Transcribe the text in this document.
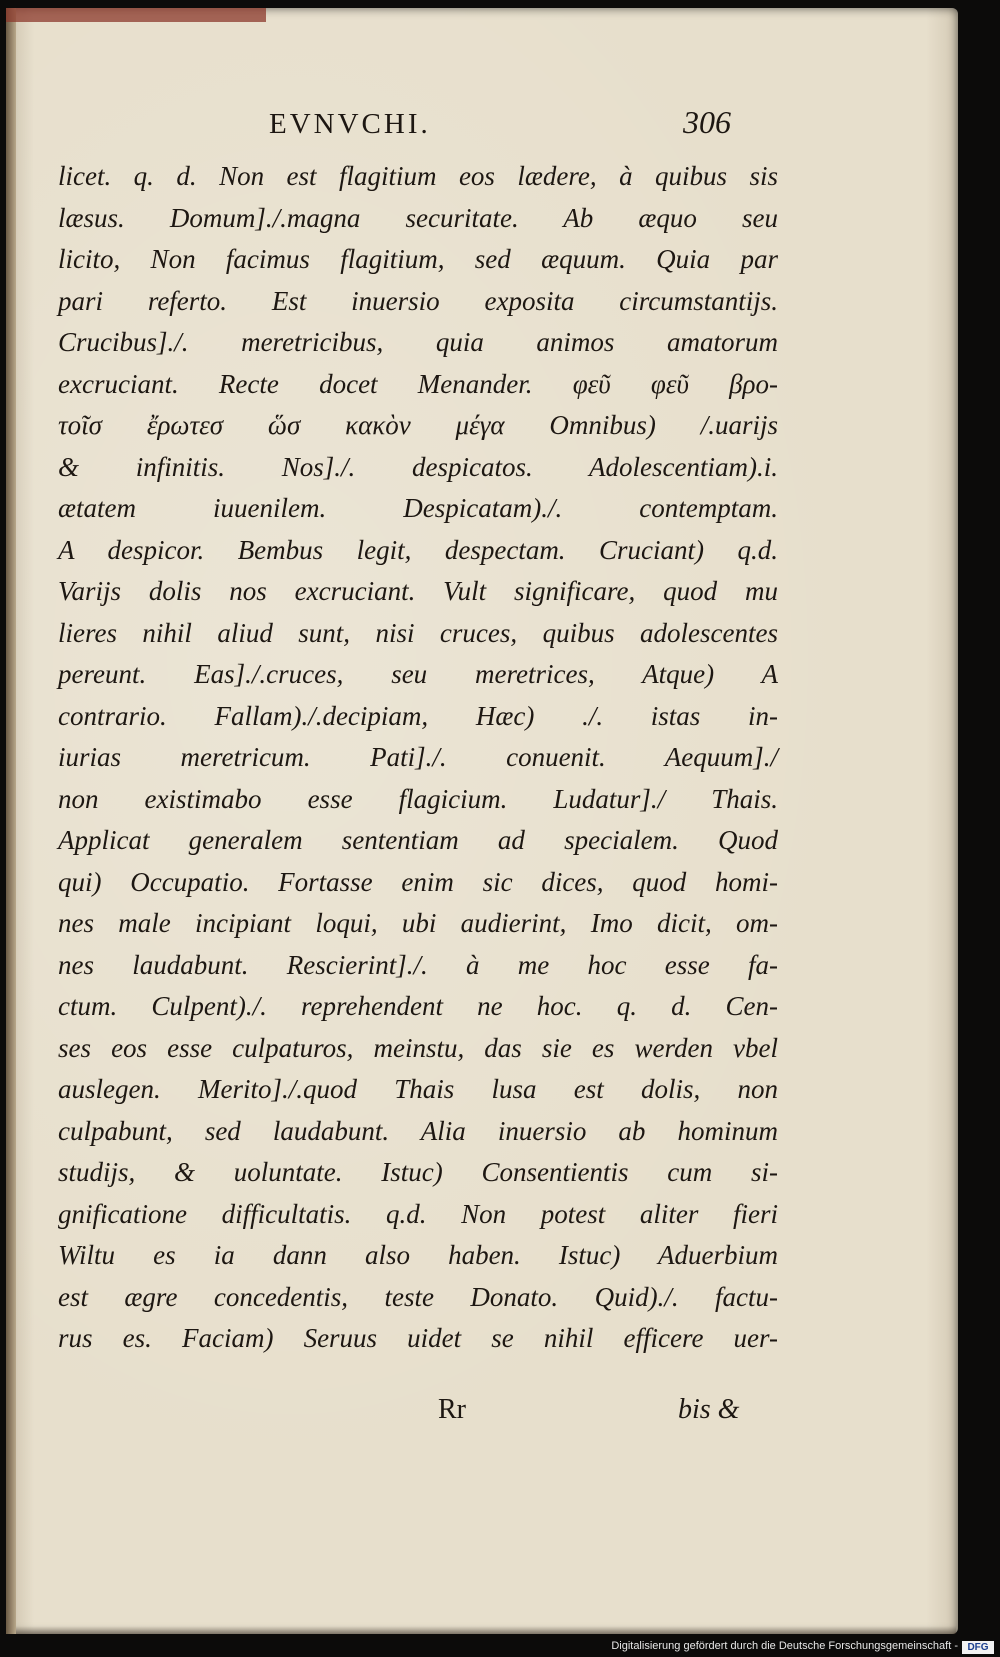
EVNVCHI.	306
licet. q. d. Non est flagitium eos lædere, à quibus sis
læsus. Domum]./.magna securitate. Ab æquo seu
licito, Non facimus flagitium, sed æquum. Quia par
pari referto. Est inuersio exposita circumstantijs.
Crucibus]./. meretricibus, quia animos amatorum
excruciant. Recte docet Menander. φεῦ φεῦ βρο-
τοῖσ ἔρωτεσ ὥσ κακὸν μέγα Omnibus) /.uarijs
& infinitis. Nos]./. despicatos. Adolescentiam).i.
ætatem iuuenilem. Despicatam)./. contemptam.
A despicor. Bembus legit, despectam. Cruciant) q.d.
Varijs dolis nos excruciant. Vult significare, quod mu
lieres nihil aliud sunt, nisi cruces, quibus adolescentes
pereunt. Eas]./.cruces, seu meretrices, Atque) A
contrario. Fallam)./.decipiam, Hæc) ./. istas in-
iurias meretricum. Pati]./. conuenit. Aequum]./
non existimabo esse flagicium. Ludatur]./ Thais.
Applicat generalem sententiam ad specialem. Quod
qui) Occupatio. Fortasse enim sic dices, quod homi-
nes male incipiant loqui, ubi audierint, Imo dicit, om-
nes laudabunt. Rescierint]./. à me hoc esse fa-
ctum. Culpent)./. reprehendent ne hoc. q. d. Cen-
ses eos esse culpaturos, meinstu, das sie es werden vbel
auslegen. Merito]./.quod Thais lusa est dolis, non
culpabunt, sed laudabunt. Alia inuersio ab hominum
studijs, & uoluntate. Istuc) Consentientis cum si-
gnificatione difficultatis. q.d. Non potest aliter fieri
Wiltu es ia dann also haben. Istuc) Aduerbium
est ægre concedentis, teste Donato. Quid)./. factu-
rus es. Faciam) Seruus uidet se nihil efficere uer-
Rr	bis &
Digitalisierung gefördert durch die Deutsche Forschungsgemeinschaft - DFG
